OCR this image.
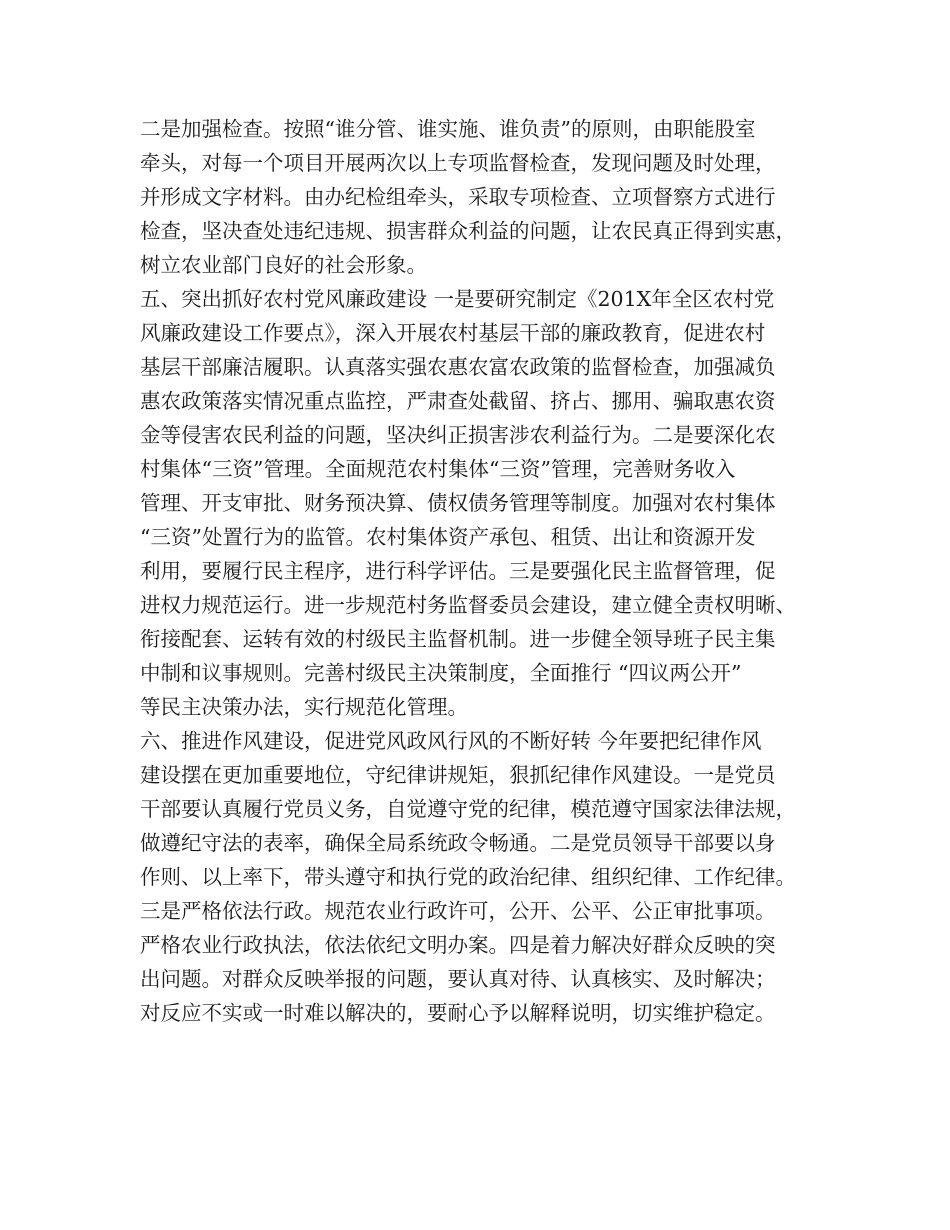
二是加强检查。按照“谁分管、谁实施、谁负责”的原则，由职能股室
牵头，对每一个项目开展两次以上专项监督检查，发现问题及时处理，
并形成文字材料。由办纪检组牵头，采取专项检查、立项督察方式进行
检查，坚决查处违纪违规、损害群众利益的问题，让农民真正得到实惠，
树立农业部门良好的社会形象。
五、突出抓好农村党风廉政建设 一是要研究制定《201X年全区农村党
风廉政建设工作要点》，深入开展农村基层干部的廉政教育，促进农村
基层干部廉洁履职。认真落实强农惠农富农政策的监督检查，加强减负
惠农政策落实情况重点监控，严肃查处截留、挤占、挪用、骗取惠农资
金等侵害农民利益的问题，坚决纠正损害涉农利益行为。二是要深化农
村集体“三资”管理。全面规范农村集体“三资”管理，完善财务收入
管理、开支审批、财务预决算、债权债务管理等制度。加强对农村集体
“三资”处置行为的监管。农村集体资产承包、租赁、出让和资源开发
利用，要履行民主程序，进行科学评估。三是要强化民主监督管理，促
进权力规范运行。进一步规范村务监督委员会建设，建立健全责权明晰、
衔接配套、运转有效的村级民主监督机制。进一步健全领导班子民主集
中制和议事规则。完善村级民主决策制度，全面推行 “四议两公开”
等民主决策办法，实行规范化管理。
六、推进作风建设，促进党风政风行风的不断好转 今年要把纪律作风
建设摆在更加重要地位，守纪律讲规矩，狠抓纪律作风建设。一是党员
干部要认真履行党员义务，自觉遵守党的纪律，模范遵守国家法律法规，
做遵纪守法的表率，确保全局系统政令畅通。二是党员领导干部要以身
作则、以上率下，带头遵守和执行党的政治纪律、组织纪律、工作纪律。
三是严格依法行政。规范农业行政许可，公开、公平、公正审批事项。
严格农业行政执法，依法依纪文明办案。四是着力解决好群众反映的突
出问题。对群众反映举报的问题，要认真对待、认真核实、及时解决；
对反应不实或一时难以解决的，要耐心予以解释说明，切实维护稳定。
